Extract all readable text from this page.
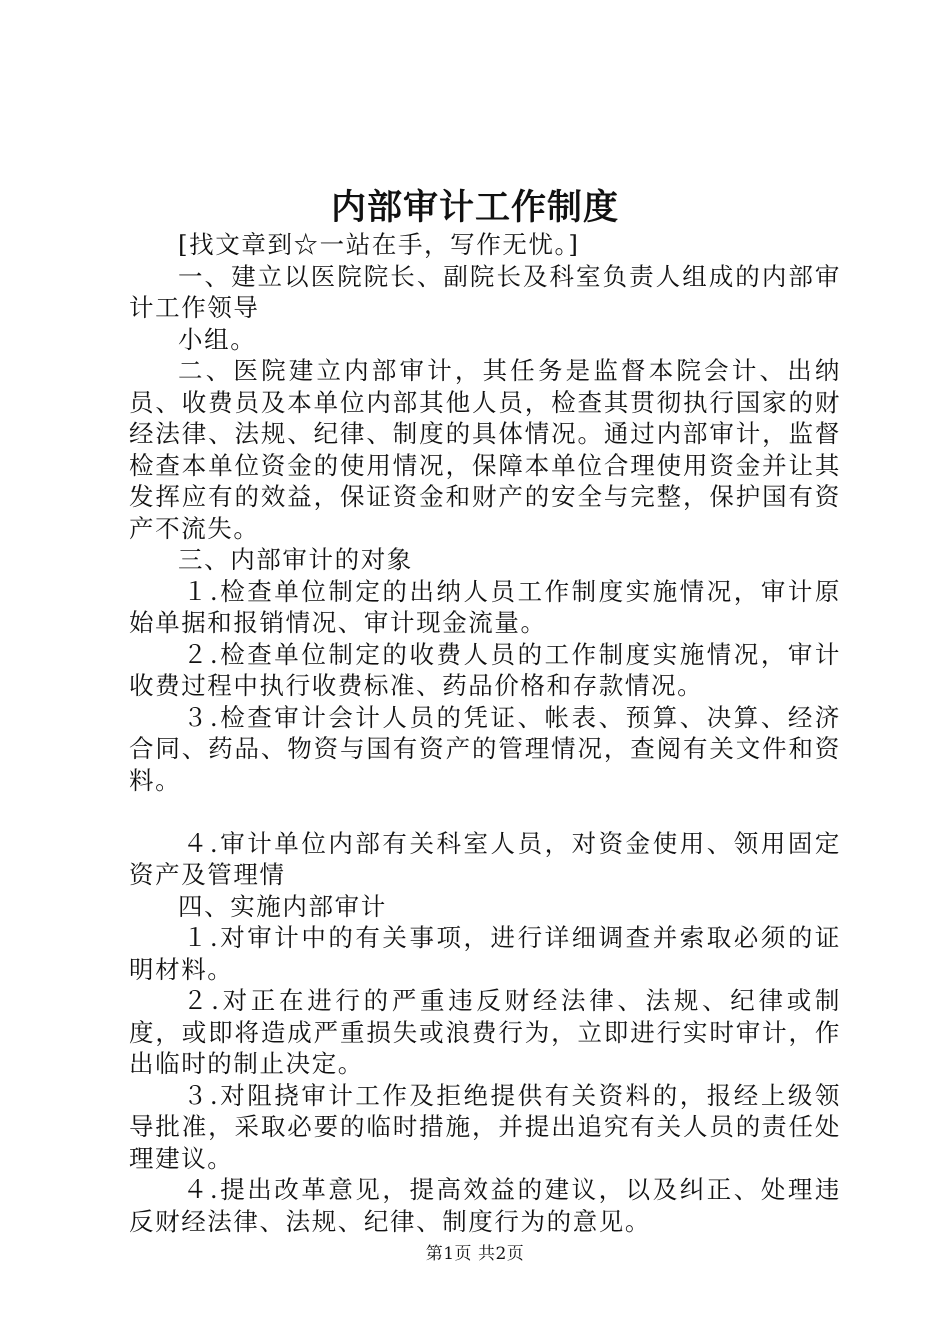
内部审计工作制度

[找文章到☆一站在手，写作无忧。]

一、建立以医院院长、副院长及科室负责人组成的内部审计工作领导

小组。

二、医院建立内部审计，其任务是监督本院会计、出纳员、收费员及本单位内部其他人员，检查其贯彻执行国家的财经法律、法规、纪律、制度的具体情况。通过内部审计，监督检查本单位资金的使用情况，保障本单位合理使用资金并让其发挥应有的效益，保证资金和财产的安全与完整，保护国有资产不流失。

三、内部审计的对象

１.检查单位制定的出纳人员工作制度实施情况，审计原始单据和报销情况、审计现金流量。

２.检查单位制定的收费人员的工作制度实施情况，审计收费过程中执行收费标准、药品价格和存款情况。

３.检查审计会计人员的凭证、帐表、预算、决算、经济合同、药品、物资与国有资产的管理情况，查阅有关文件和资料。

４.审计单位内部有关科室人员，对资金使用、领用固定资产及管理情

四、实施内部审计

１.对审计中的有关事项，进行详细调查并索取必须的证明材料。

２.对正在进行的严重违反财经法律、法规、纪律或制度，或即将造成严重损失或浪费行为，立即进行实时审计，作出临时的制止决定。

３.对阻挠审计工作及拒绝提供有关资料的，报经上级领导批准，采取必要的临时措施，并提出追究有关人员的责任处理建议。

４.提出改革意见，提高效益的建议，以及纠正、处理违反财经法律、法规、纪律、制度行为的意见。

第1页 共2页
